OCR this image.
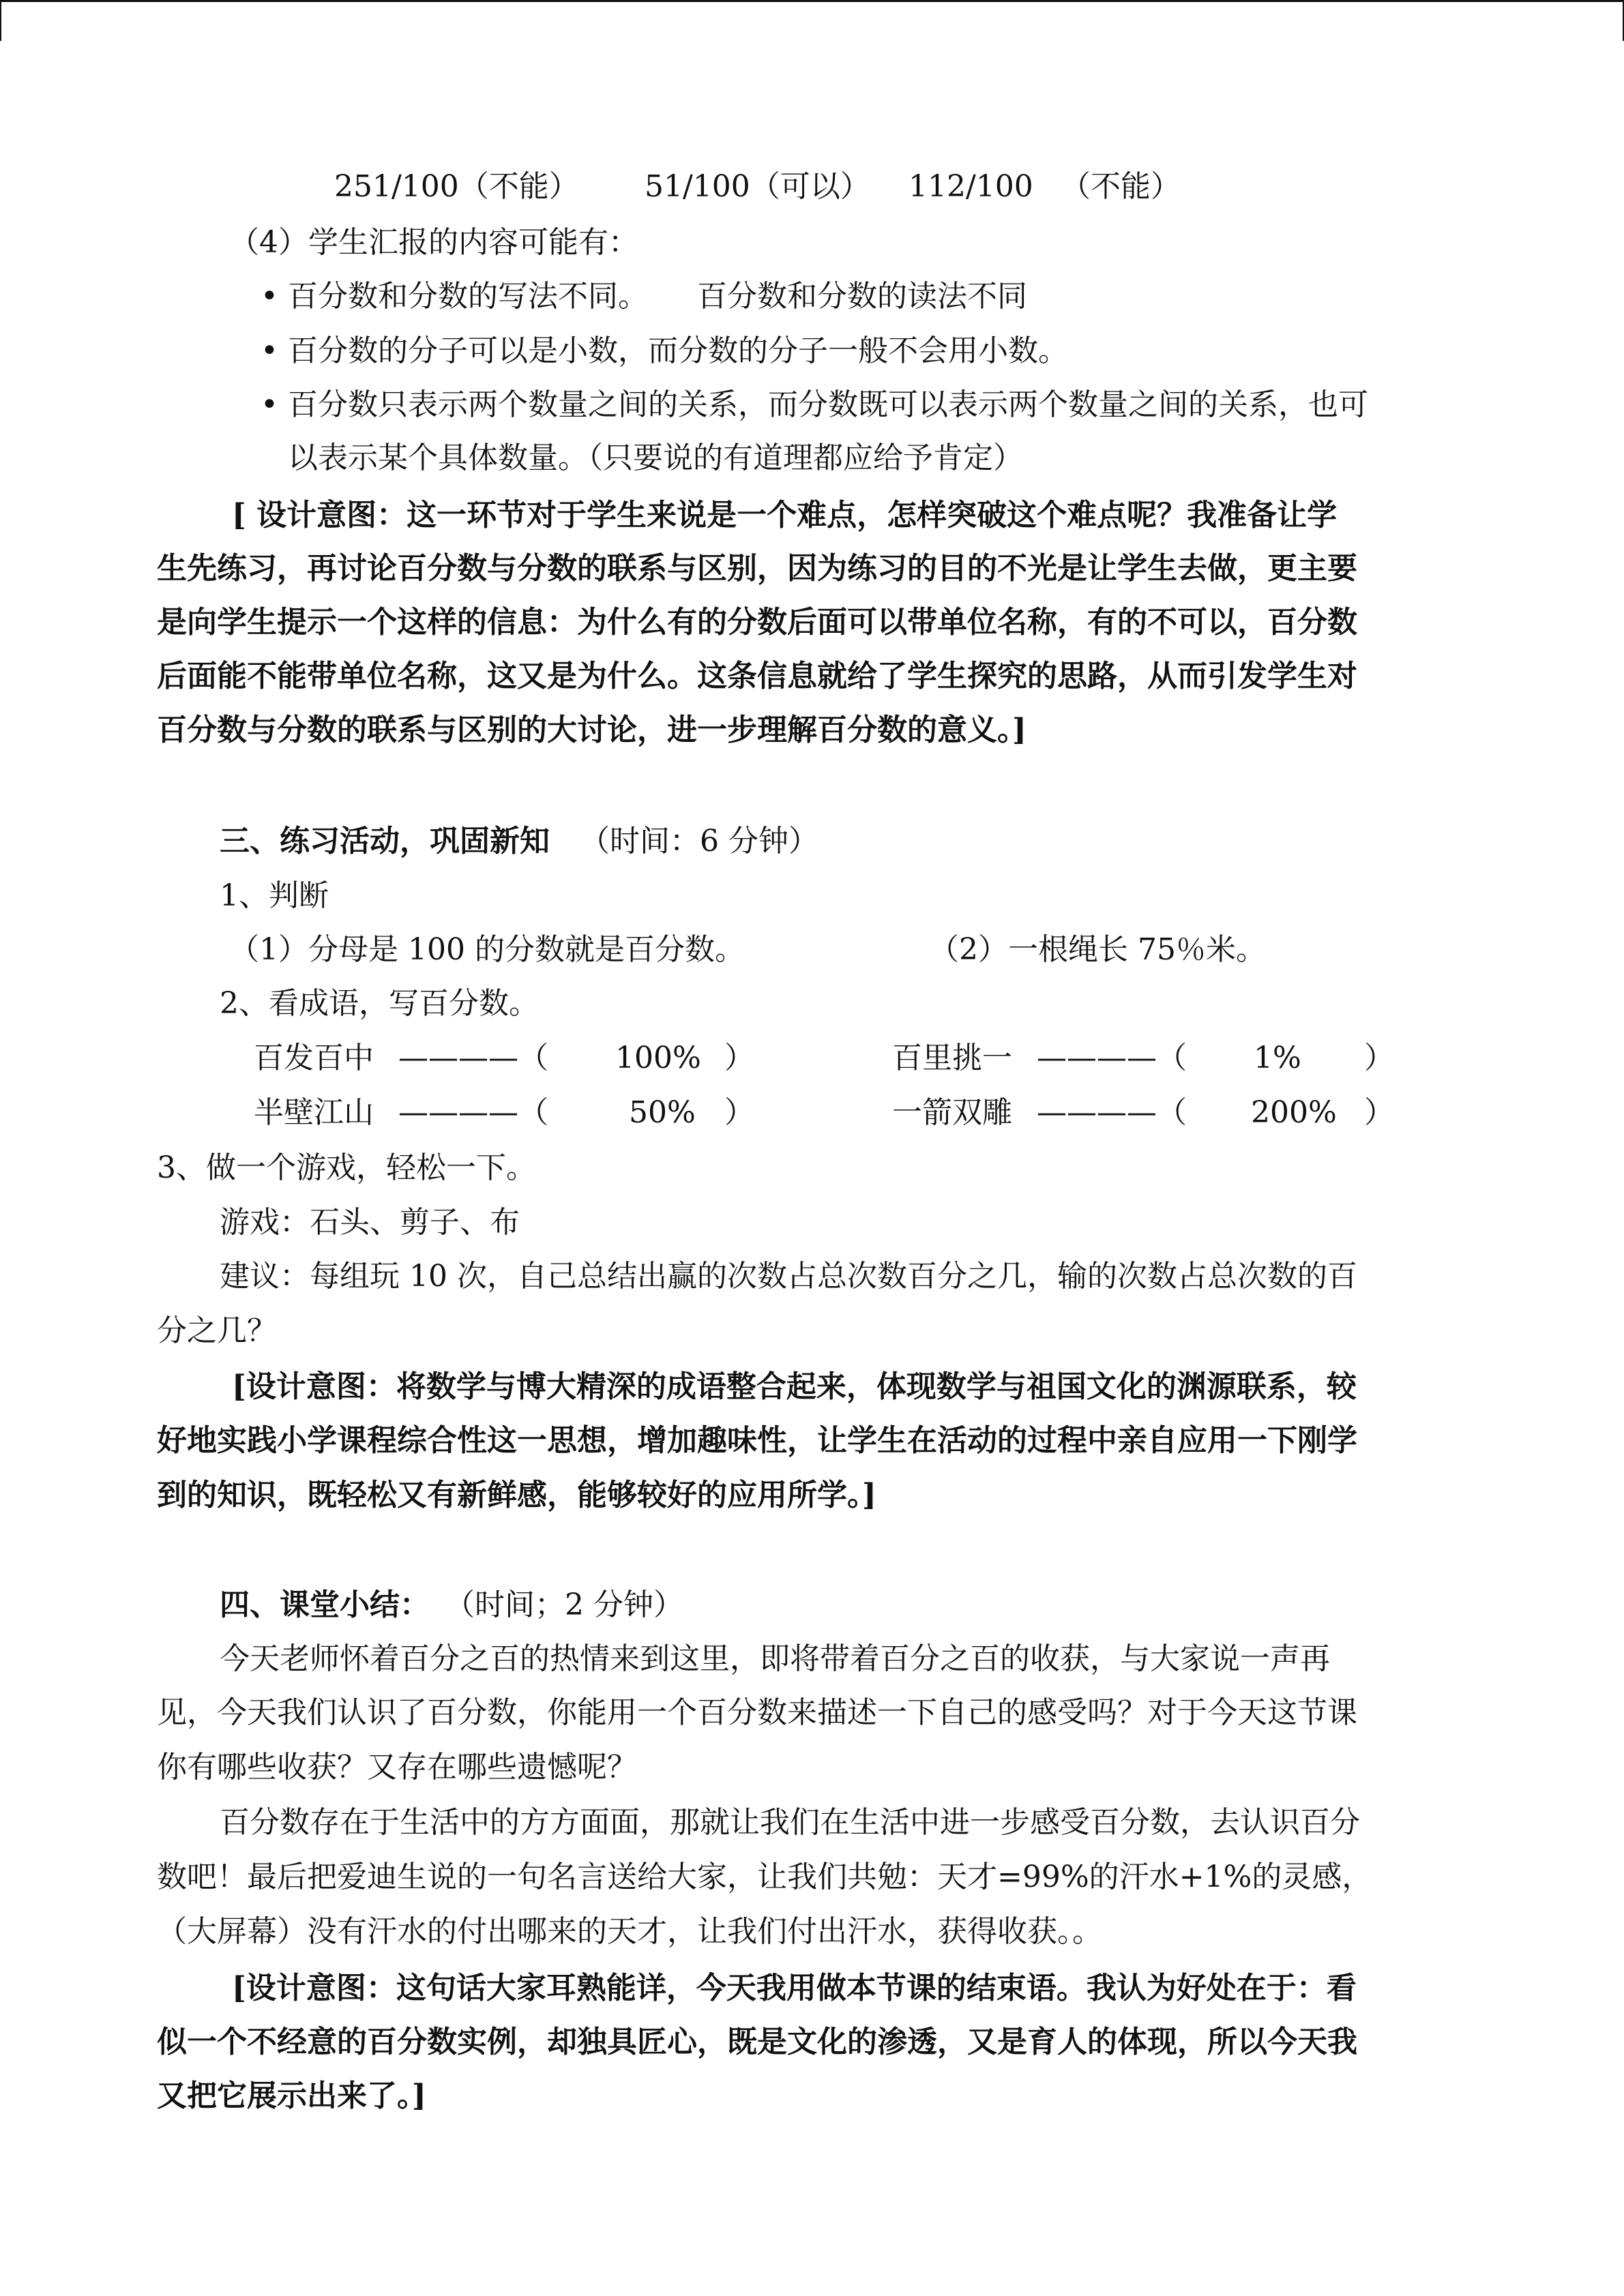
251/100（不能） 51/100（可以） 112/100 （不能）
（4）学生汇报的内容可能有：
• 百分数和分数的写法不同。 百分数和分数的读法不同
• 百分数的分子可以是小数，而分数的分子一般不会用小数。
• 百分数只表示两个数量之间的关系，而分数既可以表示两个数量之间的关系，也可
以表示某个具体数量。（只要说的有道理都应给予肯定）
[ 设计意图：这一环节对于学生来说是一个难点，怎样突破这个难点呢？我准备让学
生先练习，再讨论百分数与分数的联系与区别，因为练习的目的不光是让学生去做，更主要
是向学生提示一个这样的信息：为什么有的分数后面可以带单位名称，有的不可以，百分数
后面能不能带单位名称，这又是为什么。这条信息就给了学生探究的思路，从而引发学生对
百分数与分数的联系与区别的大讨论，进一步理解百分数的意义。]
三、练习活动，巩固新知 （时间：6 分钟）
1、判断
（1）分母是 100 的分数就是百分数。	（2）一根绳长 75％米。
2、看成语，写百分数。
百发百中 ————（ 100% ）	百里挑一 ————（ 1% ）
半壁江山 ————（	50% ）	一箭双雕 ————（ 200% ）
3、做一个游戏，轻松一下。
游戏：石头、剪子、布
建议：每组玩 10 次，自己总结出赢的次数占总次数百分之几，输的次数占总次数的百
分之几？
[设计意图：将数学与博大精深的成语整合起来，体现数学与祖国文化的渊源联系，较
好地实践小学课程综合性这一思想，增加趣味性，让学生在活动的过程中亲自应用一下刚学
到的知识，既轻松又有新鲜感，能够较好的应用所学。]
四、课堂小结： （时间；2 分钟）
今天老师怀着百分之百的热情来到这里，即将带着百分之百的收获，与大家说一声再
见，今天我们认识了百分数，你能用一个百分数来描述一下自己的感受吗？对于今天这节课
你有哪些收获？又存在哪些遗憾呢？
百分数存在于生活中的方方面面，那就让我们在生活中进一步感受百分数，去认识百分
数吧！最后把爱迪生说的一句名言送给大家，让我们共勉：天才=99%的汗水+1%的灵感，
（大屏幕）没有汗水的付出哪来的天才，让我们付出汗水，获得收获。。
[设计意图：这句话大家耳熟能详，今天我用做本节课的结束语。我认为好处在于：看
似一个不经意的百分数实例，却独具匠心，既是文化的渗透，又是育人的体现，所以今天我
又把它展示出来了。]
